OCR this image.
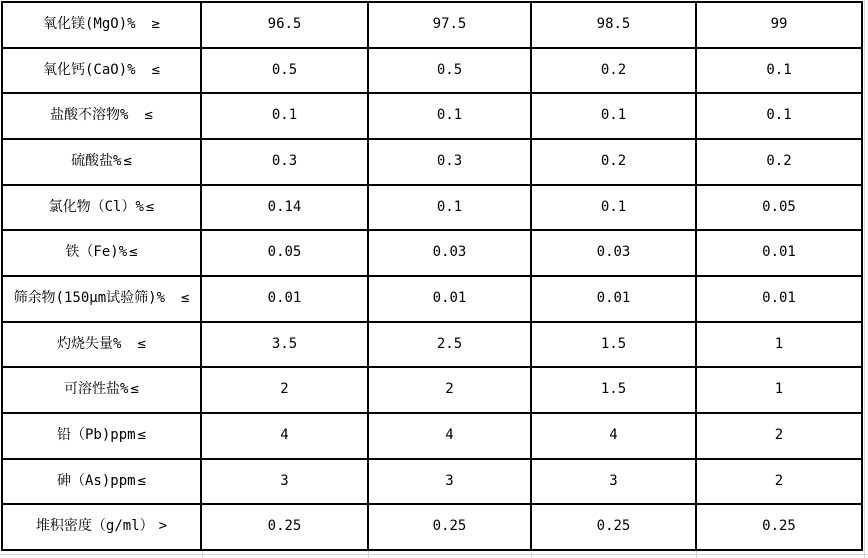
氧化镁(MgO)% ≥	96.5	97.5	98.5	99
氧化钙(CaO)% ≤	0.5	0.5	0.2	0.1
盐酸不溶物% ≤	0.1	0.1	0.1	0.1
硫酸盐% ≤	0.3	0.3	0.2	0.2
氯化物（Cl）% ≤	0.14	0.1	0.1	0.05
铁（Fe)% ≤	0.05	0.03	0.03	0.01
筛余物(150μm试验筛)% ≤	0.01	0.01	0.01	0.01
灼烧失量% ≤	3.5	2.5	1.5	1
可溶性盐% ≤	2	2	1.5	1
铅（Pb)ppm ≤	4	4	4	2
砷（As)ppm ≤	3	3	3	2
堆积密度（g/ml） >	0.25	0.25	0.25	0.25
